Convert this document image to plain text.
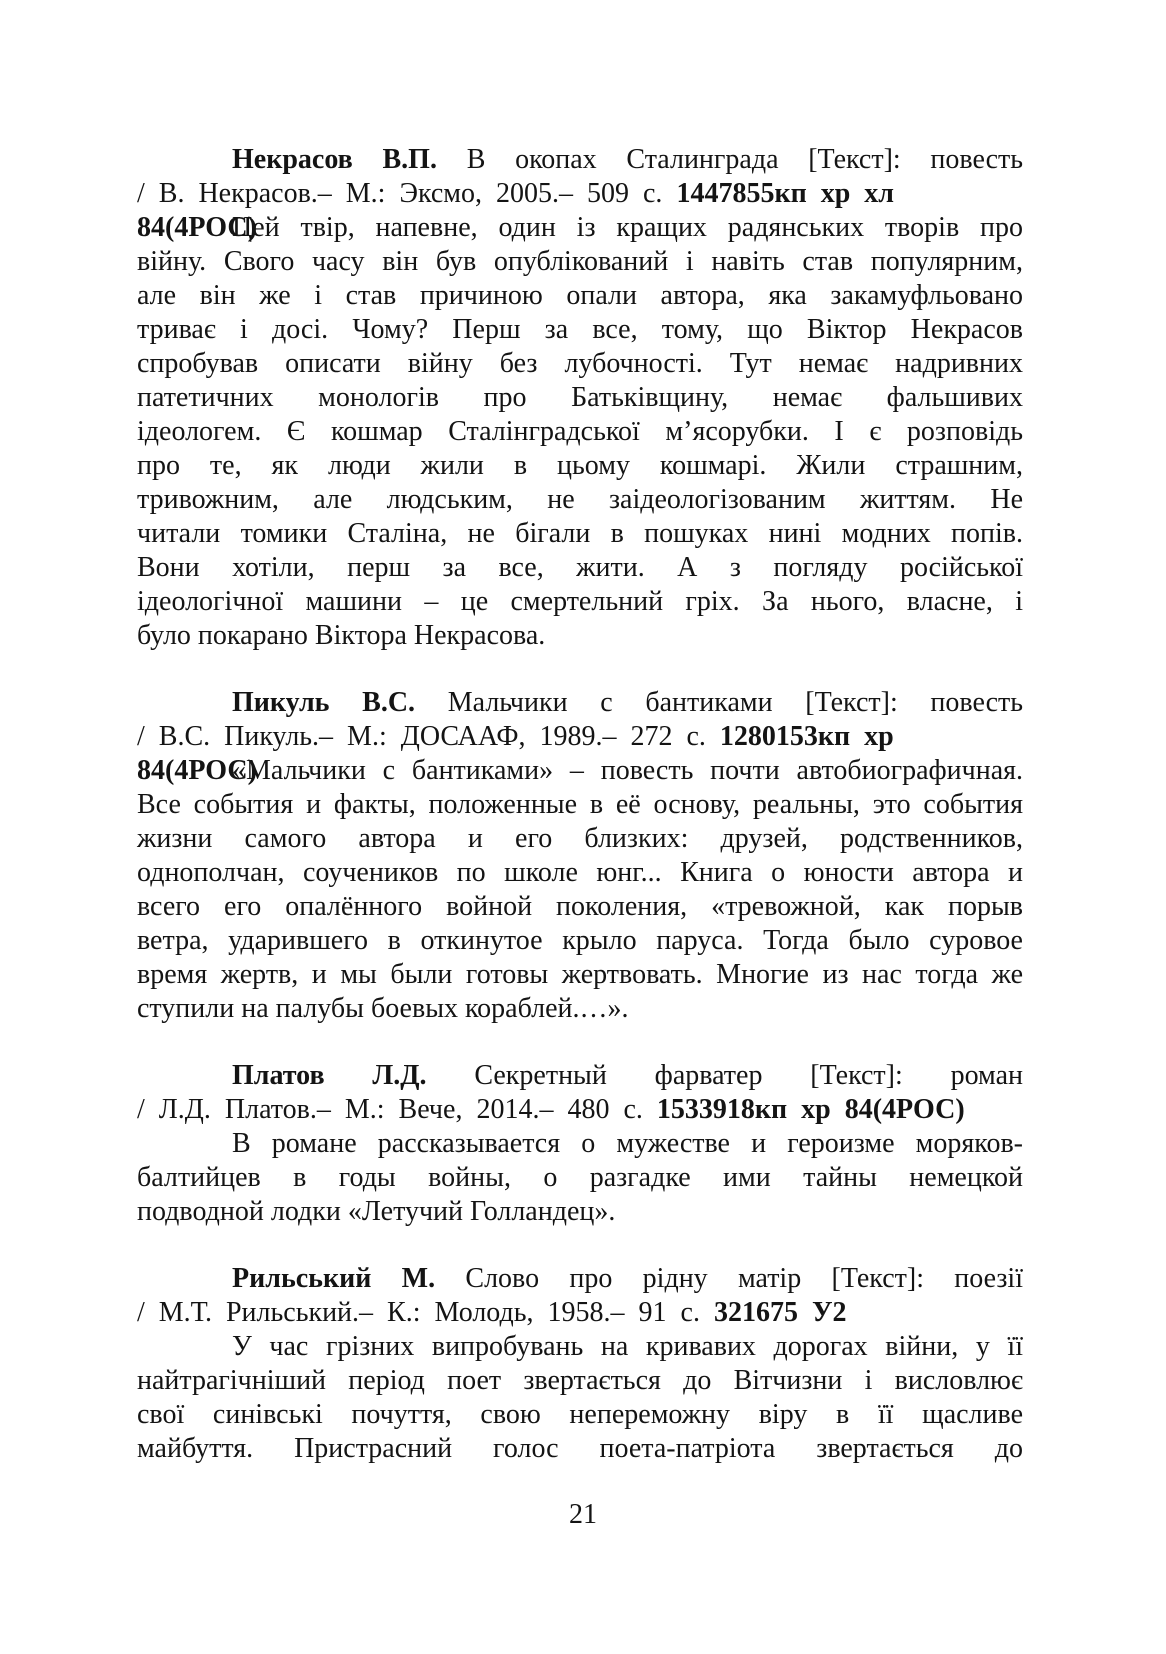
Некрасов В.П. В окопах Сталинграда [Текст]: повесть
/ В. Некрасов.– М.: Эксмо, 2005.– 509 с. 1447855кп хр хл 84(4РОС)
Цей твір, напевне, один із кращих радянських творів про
війну. Свого часу він був опублікований і навіть став популярним,
але він же і став причиною опали автора, яка закамуфльовано
триває і досі. Чому? Перш за все, тому, що Віктор Некрасов
спробував описати війну без лубочності. Тут немає надривних
патетичних монологів про Батьківщину, немає фальшивих
ідеологем. Є кошмар Сталінградської м’ясорубки. І є розповідь
про те, як люди жили в цьому кошмарі. Жили страшним,
тривожним, але людським, не заідеологізованим життям. Не
читали томики Сталіна, не бігали в пошуках нині модних попів.
Вони хотіли, перш за все, жити. А з погляду російської
ідеологічної машини – це смертельний гріх. За нього, власне, і
було покарано Віктора Некрасова.
Пикуль В.С. Мальчики с бантиками [Текст]: повесть
/ В.С. Пикуль.– М.: ДОСААФ, 1989.– 272 с. 1280153кп хр 84(4РОС)
«Мальчики с бантиками» – повесть почти автобиографичная.
Все события и факты, положенные в её основу, реальны, это события
жизни самого автора и его близких: друзей, родственников,
однополчан, соучеников по школе юнг... Книга о юности автора и
всего его опалённого войной поколения, «тревожной, как порыв
ветра, ударившего в откинутое крыло паруса. Тогда было суровое
время жертв, и мы были готовы жертвовать. Многие из нас тогда же
ступили на палубы боевых кораблей.…».
Платов Л.Д. Секретный фарватер [Текст]: роман
/ Л.Д. Платов.– М.: Вече, 2014.– 480 с. 1533918кп хр 84(4РОС)
В романе рассказывается о мужестве и героизме моряков-
балтийцев в годы войны, о разгадке ими тайны немецкой
подводной лодки «Летучий Голландец».
Рильський М. Слово про рідну матір [Текст]: поезії
/ М.Т. Рильський.– К.: Молодь, 1958.– 91 с. 321675 У2
У час грізних випробувань на кривавих дорогах війни, у її
найтрагічніший період поет звертається до Вітчизни і висловлює
свої синівські почуття, свою непереможну віру в її щасливе
майбуття. Пристрасний голос поета-патріота звертається до
21
